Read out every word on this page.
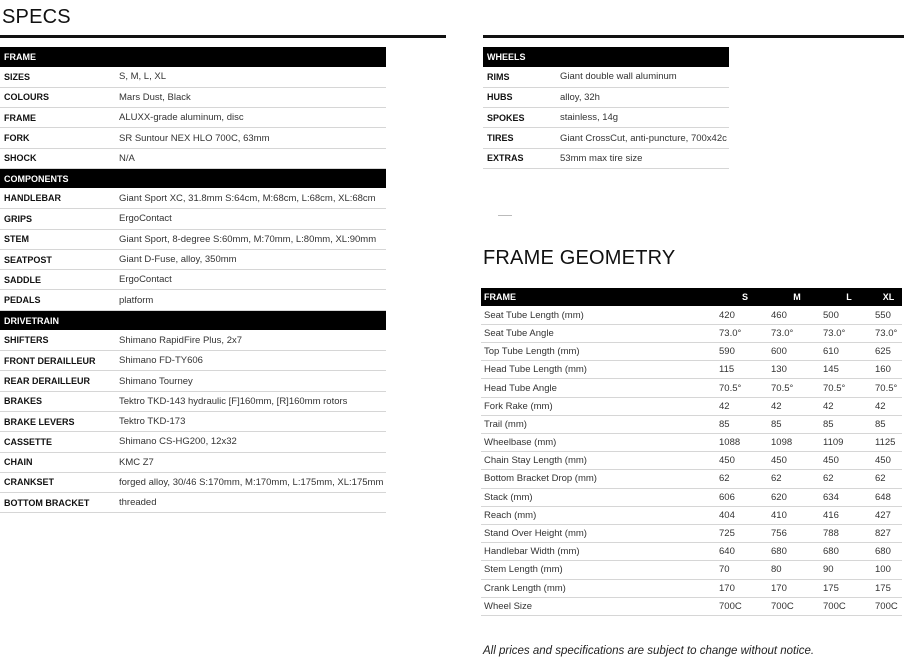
SPECS
FRAME	
SIZES	S, M, L, XL
COLOURS	Mars Dust, Black
FRAME	ALUXX-grade aluminum, disc
FORK	SR Suntour NEX HLO 700C, 63mm
SHOCK	N/A
COMPONENTS	
HANDLEBAR	Giant Sport XC, 31.8mm S:64cm, M:68cm, L:68cm, XL:68cm
GRIPS	ErgoContact
STEM	Giant Sport, 8-degree S:60mm, M:70mm, L:80mm, XL:90mm
SEATPOST	Giant D-Fuse, alloy, 350mm
SADDLE	ErgoContact
PEDALS	platform
DRIVETRAIN	
SHIFTERS	Shimano RapidFire Plus, 2x7
FRONT DERAILLEUR	Shimano FD-TY606
REAR DERAILLEUR	Shimano Tourney
BRAKES	Tektro TKD-143 hydraulic [F]160mm, [R]160mm rotors
BRAKE LEVERS	Tektro TKD-173
CASSETTE	Shimano CS-HG200, 12x32
CHAIN	KMC Z7
CRANKSET	forged alloy, 30/46 S:170mm, M:170mm, L:175mm, XL:175mm
BOTTOM BRACKET	threaded
WHEELS	
RIMS	Giant double wall aluminum
HUBS	alloy, 32h
SPOKES	stainless, 14g
TIRES	Giant CrossCut, anti-puncture, 700x42c
EXTRAS	53mm max tire size
FRAME GEOMETRY
FRAME	S	M	L	XL
Seat Tube Length (mm)	420	460	500	550
Seat Tube Angle	73.0°	73.0°	73.0°	73.0°
Top Tube Length (mm)	590	600	610	625
Head Tube Length (mm)	115	130	145	160
Head Tube Angle	70.5°	70.5°	70.5°	70.5°
Fork Rake (mm)	42	42	42	42
Trail (mm)	85	85	85	85
Wheelbase (mm)	1088	1098	1109	1125
Chain Stay Length (mm)	450	450	450	450
Bottom Bracket Drop (mm)	62	62	62	62
Stack (mm)	606	620	634	648
Reach (mm)	404	410	416	427
Stand Over Height (mm)	725	756	788	827
Handlebar Width (mm)	640	680	680	680
Stem Length (mm)	70	80	90	100
Crank Length (mm)	170	170	175	175
Wheel Size	700C	700C	700C	700C
All prices and specifications are subject to change without notice.
